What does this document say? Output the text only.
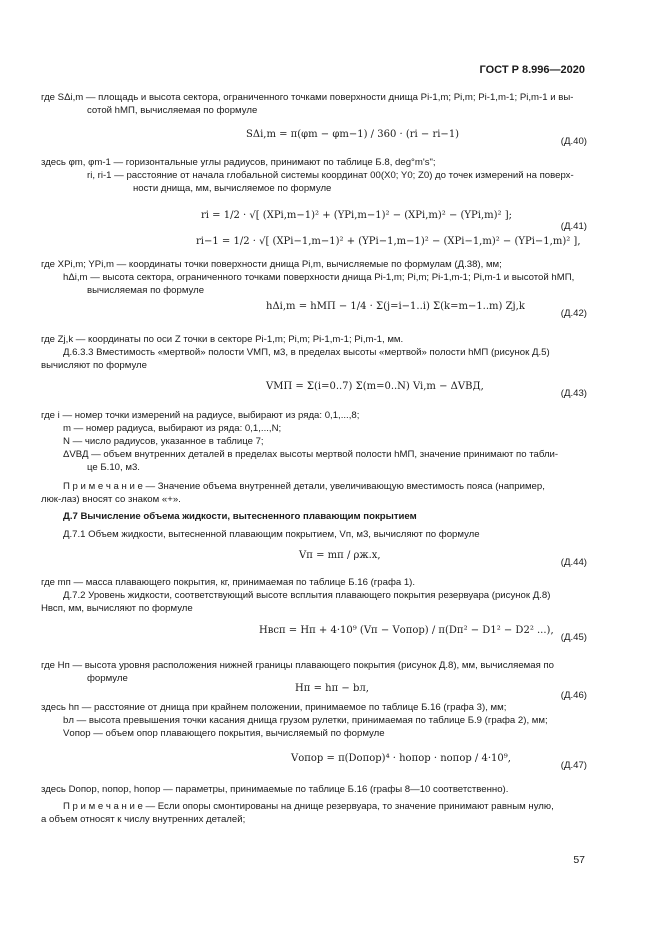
ГОСТ Р 8.996—2020
где SΔi,m — площадь и высота сектора, ограниченного точками поверхности днища Pi-1,m; Pi,m; Pi-1,m-1; Pi,m-1 и вы-
сотой hМП, вычисляемая по формуле
SΔi,m = π(φm − φm−1) / 360 · (ri − ri−1)
(Д.40)
здесь φm, φm-1 — горизонтальные углы радиусов, принимают по таблице Б.8, deg°m's";
ri, ri-1 — расстояние от начала глобальной системы координат 00(X0; Y0; Z0) до точек измерений на поверх-
ности днища, мм, вычисляемое по формуле
ri = 1/2 · √[ (XPi,m−1)² + (YPi,m−1)² − (XPi,m)² − (YPi,m)² ];
ri−1 = 1/2 · √[ (XPi−1,m−1)² + (YPi−1,m−1)² − (XPi−1,m)² − (YPi−1,m)² ],
(Д.41)
где XPi,m; YPi,m — координаты точки поверхности днища Pi,m, вычисляемые по формулам (Д.38), мм;
hΔi,m — высота сектора, ограниченного точками поверхности днища Pi-1,m; Pi,m; Pi-1,m-1; Pi,m-1 и высотой hМП,
вычисляемая по формуле
hΔi,m = hМП − 1/4 · Σ(j=i−1..i) Σ(k=m−1..m) Zj,k
(Д.42)
где Zj,k — координаты по оси Z точки в секторе Pi-1,m; Pi,m; Pi-1,m-1; Pi,m-1, мм.
Д.6.3.3 Вместимость «мертвой» полости VМП, м3, в пределах высоты «мертвой» полости hМП (рисунок Д.5)
вычисляют по формуле
VМП = Σ(i=0..7) Σ(m=0..N) Vi,m − ΔVВД,
(Д.43)
где i — номер точки измерений на радиусе, выбирают из ряда: 0,1,...,8;
m — номер радиуса, выбирают из ряда: 0,1,...,N;
N — число радиусов, указанное в таблице 7;
ΔVВД — объем внутренних деталей в пределах высоты мертвой полости hМП, значение принимают по табли-
це Б.10, м3.
П р и м е ч а н и е — Значение объема внутренней детали, увеличивающую вместимость пояса (например,
люк-лаз) вносят со знаком «+».
Д.7 Вычисление объема жидкости, вытесненного плавающим покрытием
Д.7.1 Объем жидкости, вытесненной плавающим покрытием, Vп, м3, вычисляют по формуле
Vп = mп / ρж.х,
(Д.44)
где mп — масса плавающего покрытия, кг, принимаемая по таблице Б.16 (графа 1).
Д.7.2 Уровень жидкости, соответствующий высоте всплытия плавающего покрытия резервуара (рисунок Д.8)
Hвсп, мм, вычисляют по формуле
Hвсп = Hп + 4·10⁹ (Vп − Vопор) / π(Dп² − D1² − D2² ...),
(Д.45)
где Hп — высота уровня расположения нижней границы плавающего покрытия (рисунок Д.8), мм, вычисляемая по
формуле
Hп = hп − bл,
(Д.46)
здесь hп — расстояние от днища при крайнем положении, принимаемое по таблице Б.16 (графа 3), мм;
bл — высота превышения точки касания днища грузом рулетки, принимаемая по таблице Б.9 (графа 2), мм;
Vопор — объем опор плавающего покрытия, вычисляемый по формуле
Vопор = π(Dопор)⁴ · hопор · nопор / 4·10⁹,
(Д.47)
здесь Dопор, nопор, hопор — параметры, принимаемые по таблице Б.16 (графы 8—10 соответственно).
П р и м е ч а н и е — Если опоры смонтированы на днище резервуара, то значение принимают равным нулю,
а объем относят к числу внутренних деталей;
57
